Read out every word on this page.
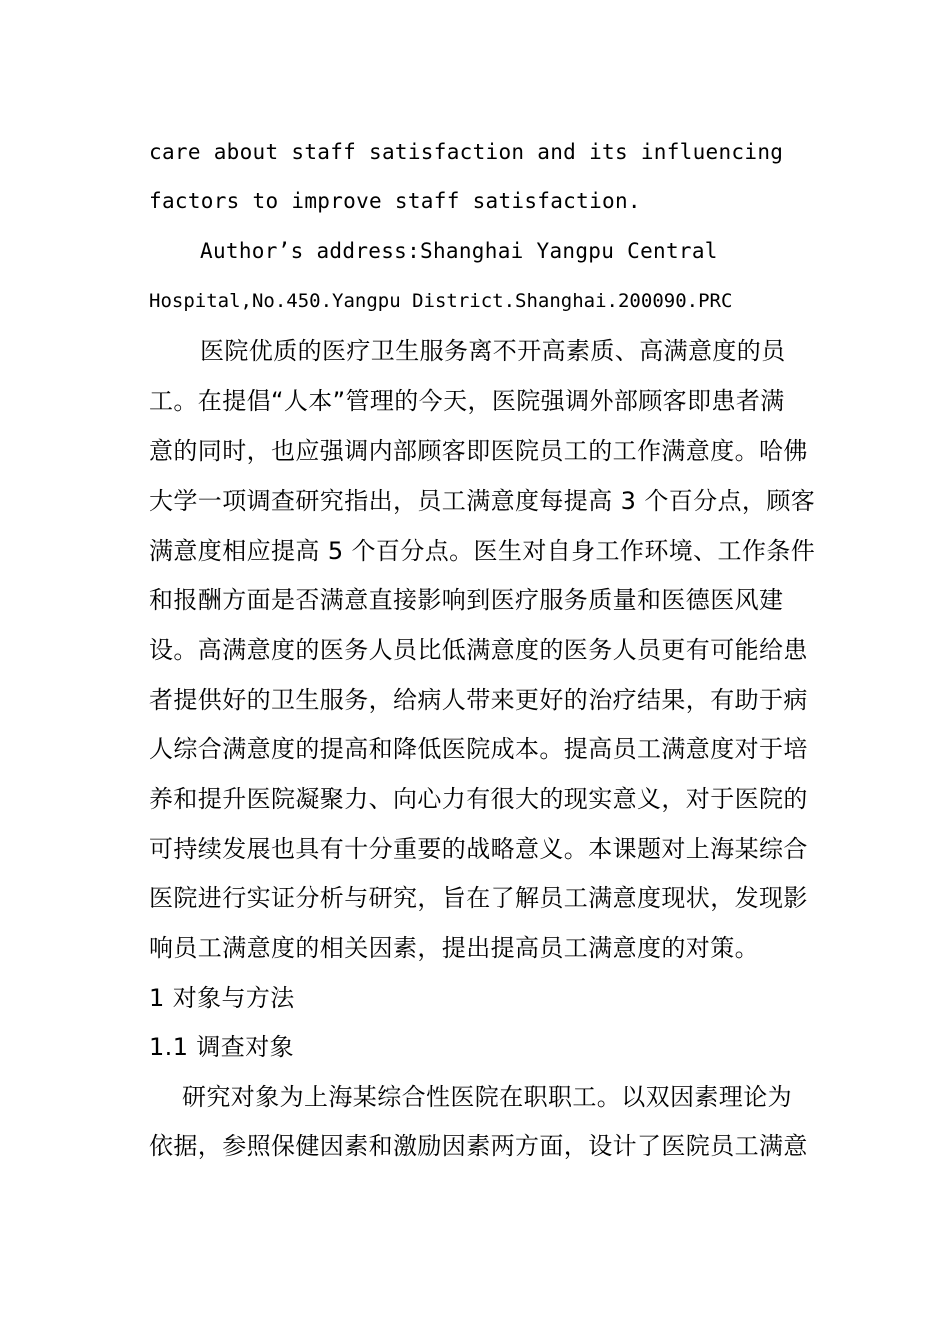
care about staff satisfaction and its influencing
factors to improve staff satisfaction.
Author’s address:Shanghai Yangpu Central
Hospital,No.450.Yangpu District.Shanghai.200090.PRC
医院优质的医疗卫生服务离不开高素质、高满意度的员
工。在提倡“人本”管理的今天，医院强调外部顾客即患者满
意的同时，也应强调内部顾客即医院员工的工作满意度。哈佛
大学一项调查研究指出，员工满意度每提高 3 个百分点，顾客
满意度相应提高 5 个百分点。医生对自身工作环境、工作条件
和报酬方面是否满意直接影响到医疗服务质量和医德医风建
设。高满意度的医务人员比低满意度的医务人员更有可能给患
者提供好的卫生服务，给病人带来更好的治疗结果，有助于病
人综合满意度的提高和降低医院成本。提高员工满意度对于培
养和提升医院凝聚力、向心力有很大的现实意义，对于医院的
可持续发展也具有十分重要的战略意义。本课题对上海某综合
医院进行实证分析与研究，旨在了解员工满意度现状，发现影
响员工满意度的相关因素，提出提高员工满意度的对策。
1 对象与方法
1.1 调查对象
研究对象为上海某综合性医院在职职工。以双因素理论为
依据，参照保健因素和激励因素两方面，设计了医院员工满意
